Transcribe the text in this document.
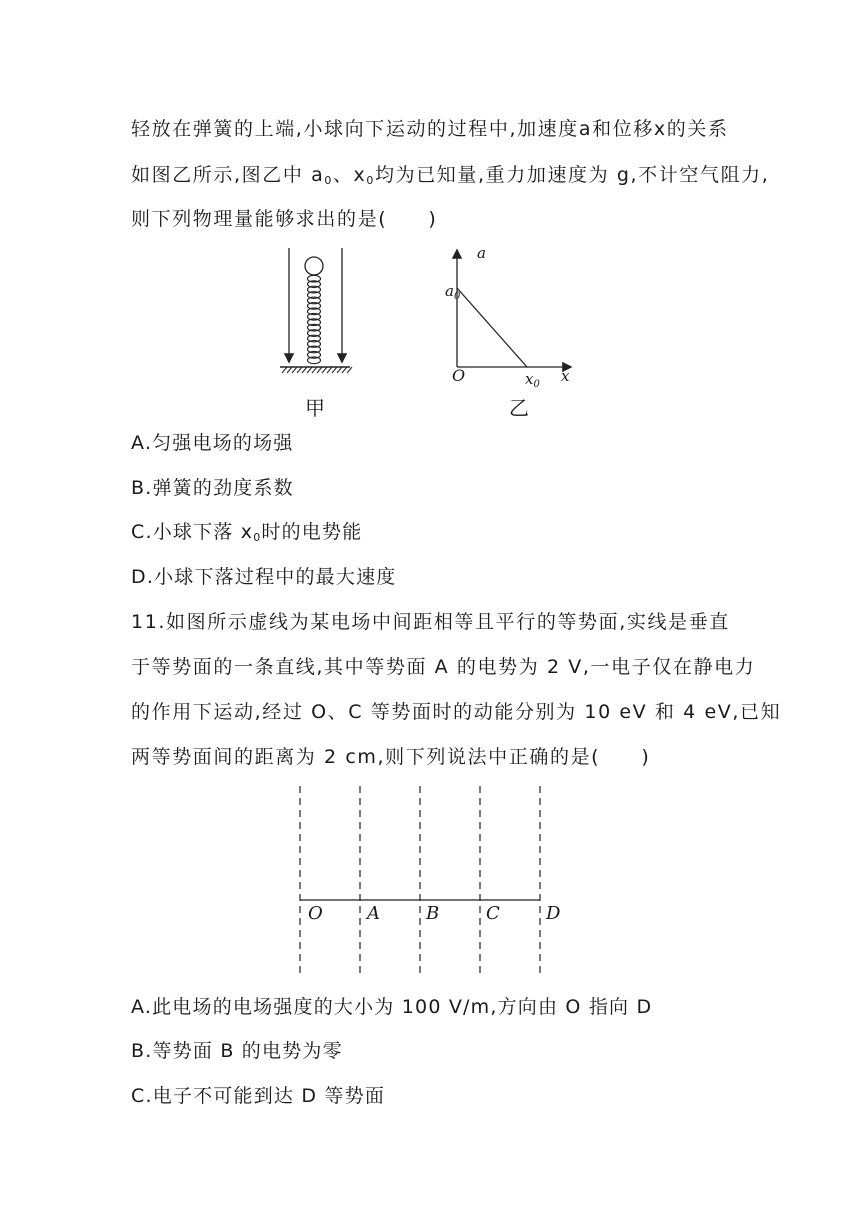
轻放在弹簧的上端,小球向下运动的过程中,加速度a和位移x的关系
如图乙所示,图乙中 $a_0$、$x_0$均为已知量,重力加速度为 g,不计空气阻力,
则下列物理量能够求出的是(　　)
a
$a_0$
O	$x_0$ x
甲	乙
A.匀强电场的场强
B.弹簧的劲度系数
C.小球下落 $x_0$时的电势能
D.小球下落过程中的最大速度
11.如图所示虚线为某电场中间距相等且平行的等势面,实线是垂直
于等势面的一条直线,其中等势面 A 的电势为 2 V,一电子仅在静电力
的作用下运动,经过 O、C 等势面时的动能分别为 10 eV 和 4 eV,已知
两等势面间的距离为 2 cm,则下列说法中正确的是(　　)
O A	B	C	D
A.此电场的电场强度的大小为 100 V/m,方向由 O 指向 D
B.等势面 B 的电势为零
C.电子不可能到达 D 等势面
